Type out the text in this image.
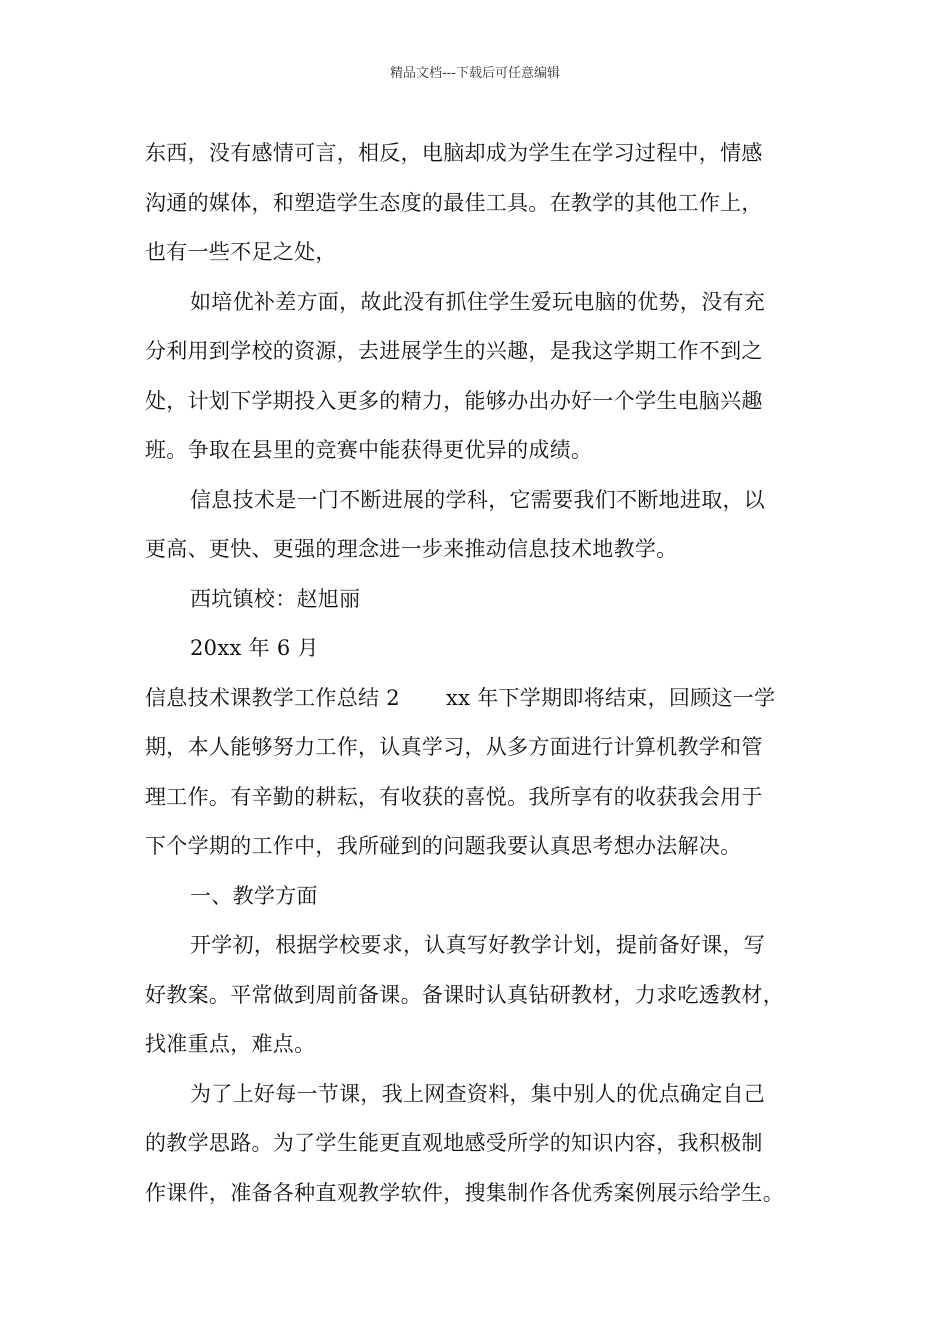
精品文档---下载后可任意编辑
东西，没有感情可言，相反，电脑却成为学生在学习过程中，情感
沟通的媒体，和塑造学生态度的最佳工具。在教学的其他工作上，
也有一些不足之处，
如培优补差方面，故此没有抓住学生爱玩电脑的优势，没有充
分利用到学校的资源，去进展学生的兴趣，是我这学期工作不到之
处，计划下学期投入更多的精力，能够办出办好一个学生电脑兴趣
班。争取在县里的竞赛中能获得更优异的成绩。
信息技术是一门不断进展的学科，它需要我们不断地进取，以
更高、更快、更强的理念进一步来推动信息技术地教学。
西坑镇校：赵旭丽
20xx 年 6 月
信息技术课教学工作总结 2 xx 年下学期即将结束，回顾这一学
期，本人能够努力工作，认真学习，从多方面进行计算机教学和管
理工作。有辛勤的耕耘，有收获的喜悦。我所享有的收获我会用于
下个学期的工作中，我所碰到的问题我要认真思考想办法解决。
一、教学方面
开学初，根据学校要求，认真写好教学计划，提前备好课，写
好教案。平常做到周前备课。备课时认真钻研教材，力求吃透教材，
找准重点，难点。
为了上好每一节课，我上网查资料，集中别人的优点确定自己
的教学思路。为了学生能更直观地感受所学的知识内容，我积极制
作课件，准备各种直观教学软件，搜集制作各优秀案例展示给学生。
